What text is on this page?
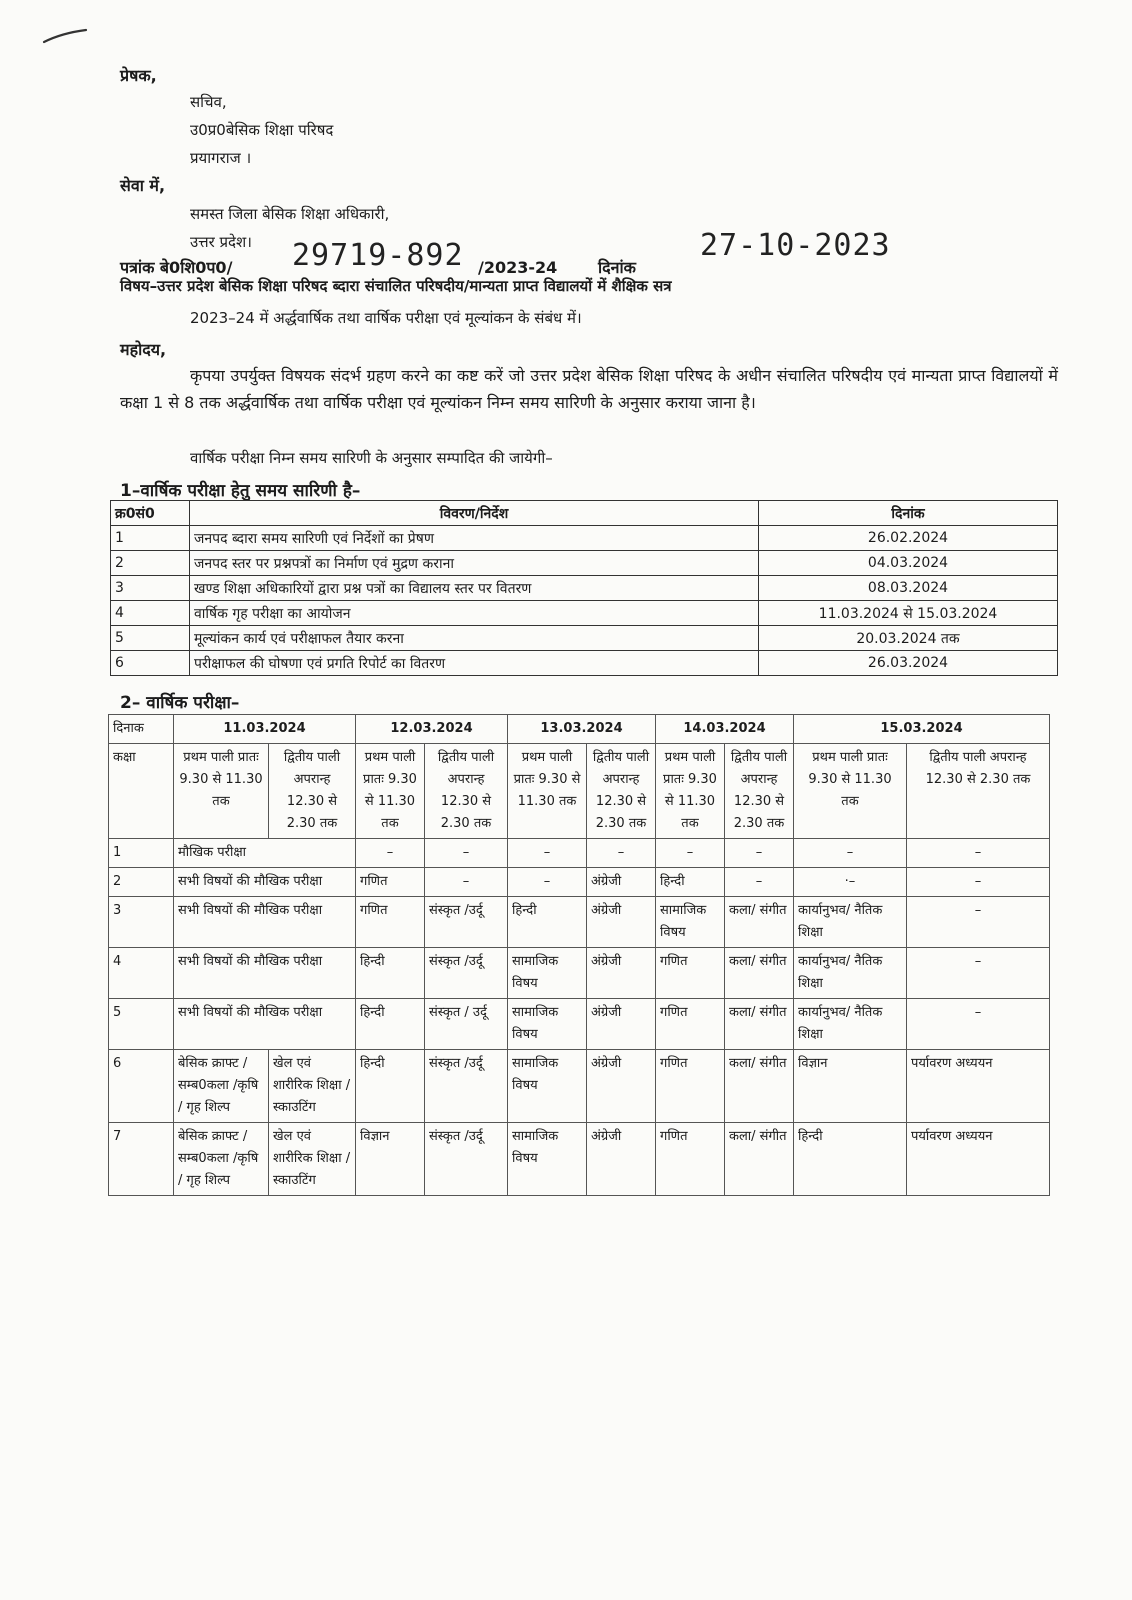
प्रेषक,
सचिव,
उ0प्र0बेसिक शिक्षा परिषद
प्रयागराज ।
सेवा में,
समस्त जिला बेसिक शिक्षा अधिकारी,
उत्तर प्रदेश।
पत्रांक बे0शि0प0/ 29719-892 /2023-24	दिनांक
27-10-2023
विषय–उत्तर प्रदेश बेसिक शिक्षा परिषद ब्दारा संचालित परिषदीय/मान्यता प्राप्त विद्यालयों में शैक्षिक सत्र
2023–24 में अर्द्धवार्षिक तथा वार्षिक परीक्षा एवं मूल्यांकन के संबंध में।
महोदय,
कृपया उपर्युक्त विषयक संदर्भ ग्रहण करने का कष्ट करें जो उत्तर प्रदेश बेसिक शिक्षा परिषद के अधीन संचालित परिषदीय एवं मान्यता प्राप्त विद्यालयों में कक्षा 1 से 8 तक अर्द्धवार्षिक तथा वार्षिक परीक्षा एवं मूल्यांकन निम्न समय सारिणी के अनुसार कराया जाना है।
वार्षिक परीक्षा निम्न समय सारिणी के अनुसार सम्पादित की जायेगी–
1–वार्षिक परीक्षा हेतु समय सारिणी है–
क्र0सं0	विवरण/निर्देश	दिनांक
1	जनपद ब्दारा समय सारिणी एवं निर्देशों का प्रेषण	26.02.2024
2	जनपद स्तर पर प्रश्नपत्रों का निर्माण एवं मुद्रण कराना	04.03.2024
3	खण्ड शिक्षा अधिकारियों द्वारा प्रश्न पत्रों का विद्यालय स्तर पर वितरण	08.03.2024
4	वार्षिक गृह परीक्षा का आयोजन	11.03.2024 से 15.03.2024
5	मूल्यांकन कार्य एवं परीक्षाफल तैयार करना	20.03.2024 तक
6	परीक्षाफल की घोषणा एवं प्रगति रिपोर्ट का वितरण	26.03.2024
2– वार्षिक परीक्षा–
दिनाक	11.03.2024		12.03.2024		13.03.2024		14.03.2024		15.03.2024	
कक्षा	प्रथम पाली प्रातः 9.30 से 11.30 तक	द्वितीय पाली अपरान्ह 12.30 से 2.30 तक	प्रथम पाली प्रातः 9.30 से 11.30 तक	द्वितीय पाली अपरान्ह 12.30 से 2.30 तक	प्रथम पाली प्रातः 9.30 से 11.30 तक	द्वितीय पाली अपरान्ह 12.30 से 2.30 तक	प्रथम पाली प्रातः 9.30 से 11.30 तक	द्वितीय पाली अपरान्ह 12.30 से 2.30 तक	प्रथम पाली प्रातः 9.30 से 11.30 तक	द्वितीय पाली अपरान्ह 12.30 से 2.30 तक
1	मौखिक परीक्षा		–	–	–	–	–	–	–	–
2	सभी विषयों की मौखिक परीक्षा		गणित	–	–	अंग्रेजी	हिन्दी	–	·–	–
3	सभी विषयों की मौखिक परीक्षा		गणित	संस्कृत /उर्दू	हिन्दी	अंग्रेजी	सामाजिक विषय	कला/ संगीत	कार्यानुभव/ नैतिक शिक्षा	–
4	सभी विषयों की मौखिक परीक्षा		हिन्दी	संस्कृत /उर्दू	सामाजिक विषय	अंग्रेजी	गणित	कला/ संगीत	कार्यानुभव/ नैतिक शिक्षा	–
5	सभी विषयों की मौखिक परीक्षा		हिन्दी	संस्कृत / उर्दू	सामाजिक विषय	अंग्रेजी	गणित	कला/ संगीत	कार्यानुभव/ नैतिक शिक्षा	–
6	बेसिक क्राफ्ट / सम्ब0कला /कृषि / गृह शिल्प	खेल एवं शारीरिक शिक्षा / स्काउटिंग	हिन्दी	संस्कृत /उर्दू	सामाजिक विषय	अंग्रेजी	गणित	कला/ संगीत	विज्ञान	पर्यावरण अध्ययन
7	बेसिक क्राफ्ट / सम्ब0कला /कृषि / गृह शिल्प	खेल एवं शारीरिक शिक्षा / स्काउटिंग	विज्ञान	संस्कृत /उर्दू	सामाजिक विषय	अंग्रेजी	गणित	कला/ संगीत	हिन्दी	पर्यावरण अध्ययन
